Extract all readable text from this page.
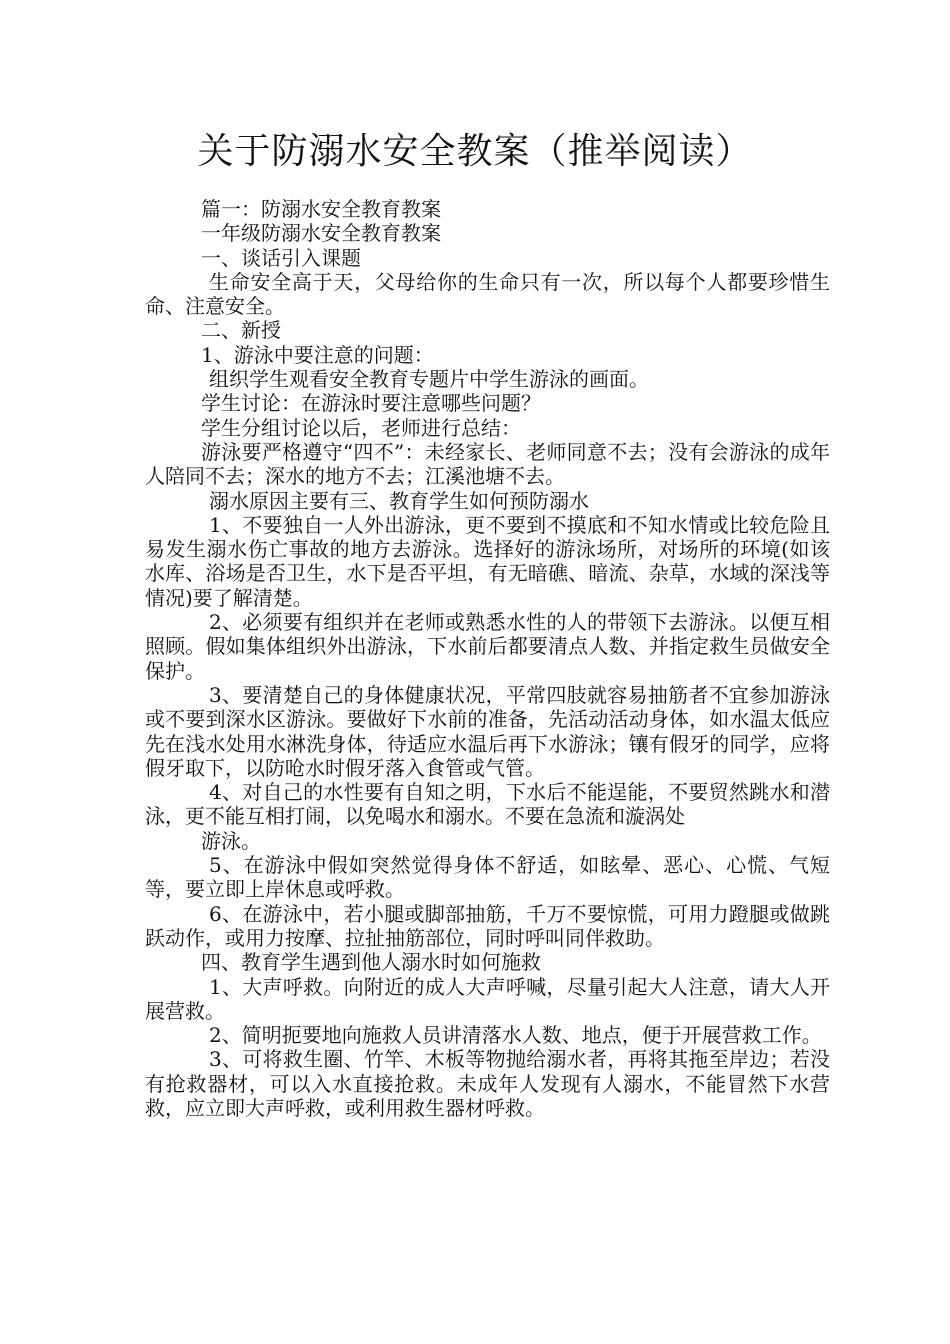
关于防溺水安全教案（推举阅读）

篇一：防溺水安全教育教案

一年级防溺水安全教育教案

一、谈话引入课题

生命安全高于天，父母给你的生命只有一次，所以每个人都要珍惜生命、注意安全。

二、新授

1、游泳中要注意的问题：

组织学生观看安全教育专题片中学生游泳的画面。

学生讨论：在游泳时要注意哪些问题？

学生分组讨论以后，老师进行总结：

游泳要严格遵守“四不”：未经家长、老师同意不去；没有会游泳的成年人陪同不去；深水的地方不去；江溪池塘不去。

溺水原因主要有三、教育学生如何预防溺水

1、不要独自一人外出游泳，更不要到不摸底和不知水情或比较危险且易发生溺水伤亡事故的地方去游泳。选择好的游泳场所，对场所的环境(如该水库、浴场是否卫生，水下是否平坦，有无暗礁、暗流、杂草，水域的深浅等情况)要了解清楚。

2、必须要有组织并在老师或熟悉水性的人的带领下去游泳。以便互相照顾。假如集体组织外出游泳，下水前后都要清点人数、并指定救生员做安全保护。

3、要清楚自己的身体健康状况，平常四肢就容易抽筋者不宜参加游泳或不要到深水区游泳。要做好下水前的准备，先活动活动身体，如水温太低应先在浅水处用水淋洗身体，待适应水温后再下水游泳；镶有假牙的同学，应将假牙取下，以防呛水时假牙落入食管或气管。

4、对自己的水性要有自知之明，下水后不能逞能，不要贸然跳水和潜泳，更不能互相打闹，以免喝水和溺水。不要在急流和漩涡处

游泳。

5、在游泳中假如突然觉得身体不舒适，如眩晕、恶心、心慌、气短等，要立即上岸休息或呼救。

6、在游泳中，若小腿或脚部抽筋，千万不要惊慌，可用力蹬腿或做跳跃动作，或用力按摩、拉扯抽筋部位，同时呼叫同伴救助。

四、教育学生遇到他人溺水时如何施救

1、大声呼救。向附近的成人大声呼喊，尽量引起大人注意，请大人开展营救。

2、简明扼要地向施救人员讲清落水人数、地点，便于开展营救工作。

3、可将救生圈、竹竿、木板等物抛给溺水者，再将其拖至岸边；若没有抢救器材，可以入水直接抢救。未成年人发现有人溺水，不能冒然下水营救，应立即大声呼救，或利用救生器材呼救。
